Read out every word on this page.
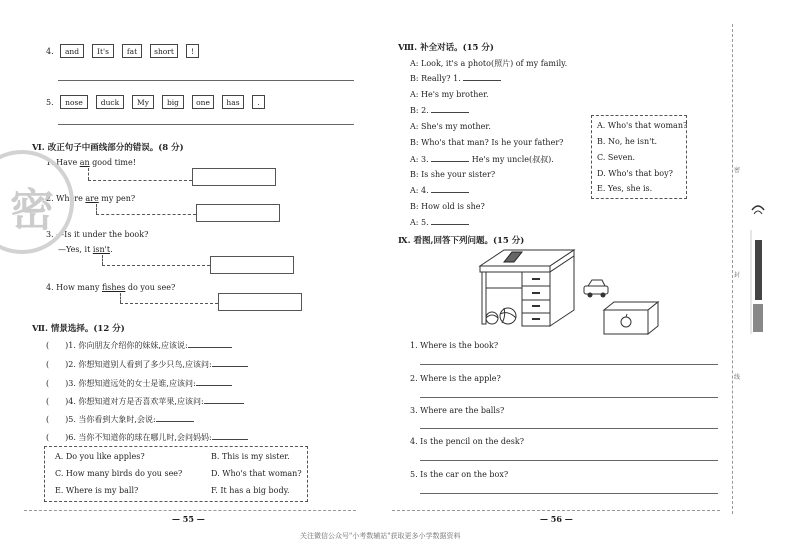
4.	and	It's	fat	short	!
5.	nose	duck	My	big	one	has	.
Ⅵ. 改正句子中画线部分的错误。(8 分)
1. Have an good time!
2. Where are my pen?
3. —Is it under the book?
—Yes, it isn't.
4. How many fishes do you see?
Ⅶ. 情景选择。(12 分)
( )1. 你向朋友介绍你的妹妹,应该说:
( )2. 你想知道别人看到了多少只鸟,应该问:
( )3. 你想知道远处的女士是谁,应该问:
( )4. 你想知道对方是否喜欢苹果,应该问:
( )5. 当你看到大象时,会说:
( )6. 当你不知道你的球在哪儿时,会问妈妈:
A. Do you like apples?	B. This is my sister.
C. How many birds do you see?	D. Who's that woman?
E. Where is my ball?	F. It has a big body.
— 55 —
密
Ⅷ. 补全对话。(15 分)
A: Look, it's a photo(照片) of my family.
B: Really? 1.
A: He's my brother.
B: 2.
A: She's my mother.
B: Who's that man? Is he your father?
A: 3.	He's my uncle(叔叔).
B: Is she your sister?
A: 4.
B: How old is she?
A: 5.
A. Who's that woman?
B. No, he isn't.
C. Seven.
D. Who's that boy?
E. Yes, she is.
Ⅸ. 看图,回答下列问题。(15 分)
1. Where is the book?
2. Where is the apple?
3. Where are the balls?
4. Is the pencil on the desk?
5. Is the car on the box?
— 56 —
密
封
线
关注微信公众号"小考数辅站"获取更多小学数据资料
